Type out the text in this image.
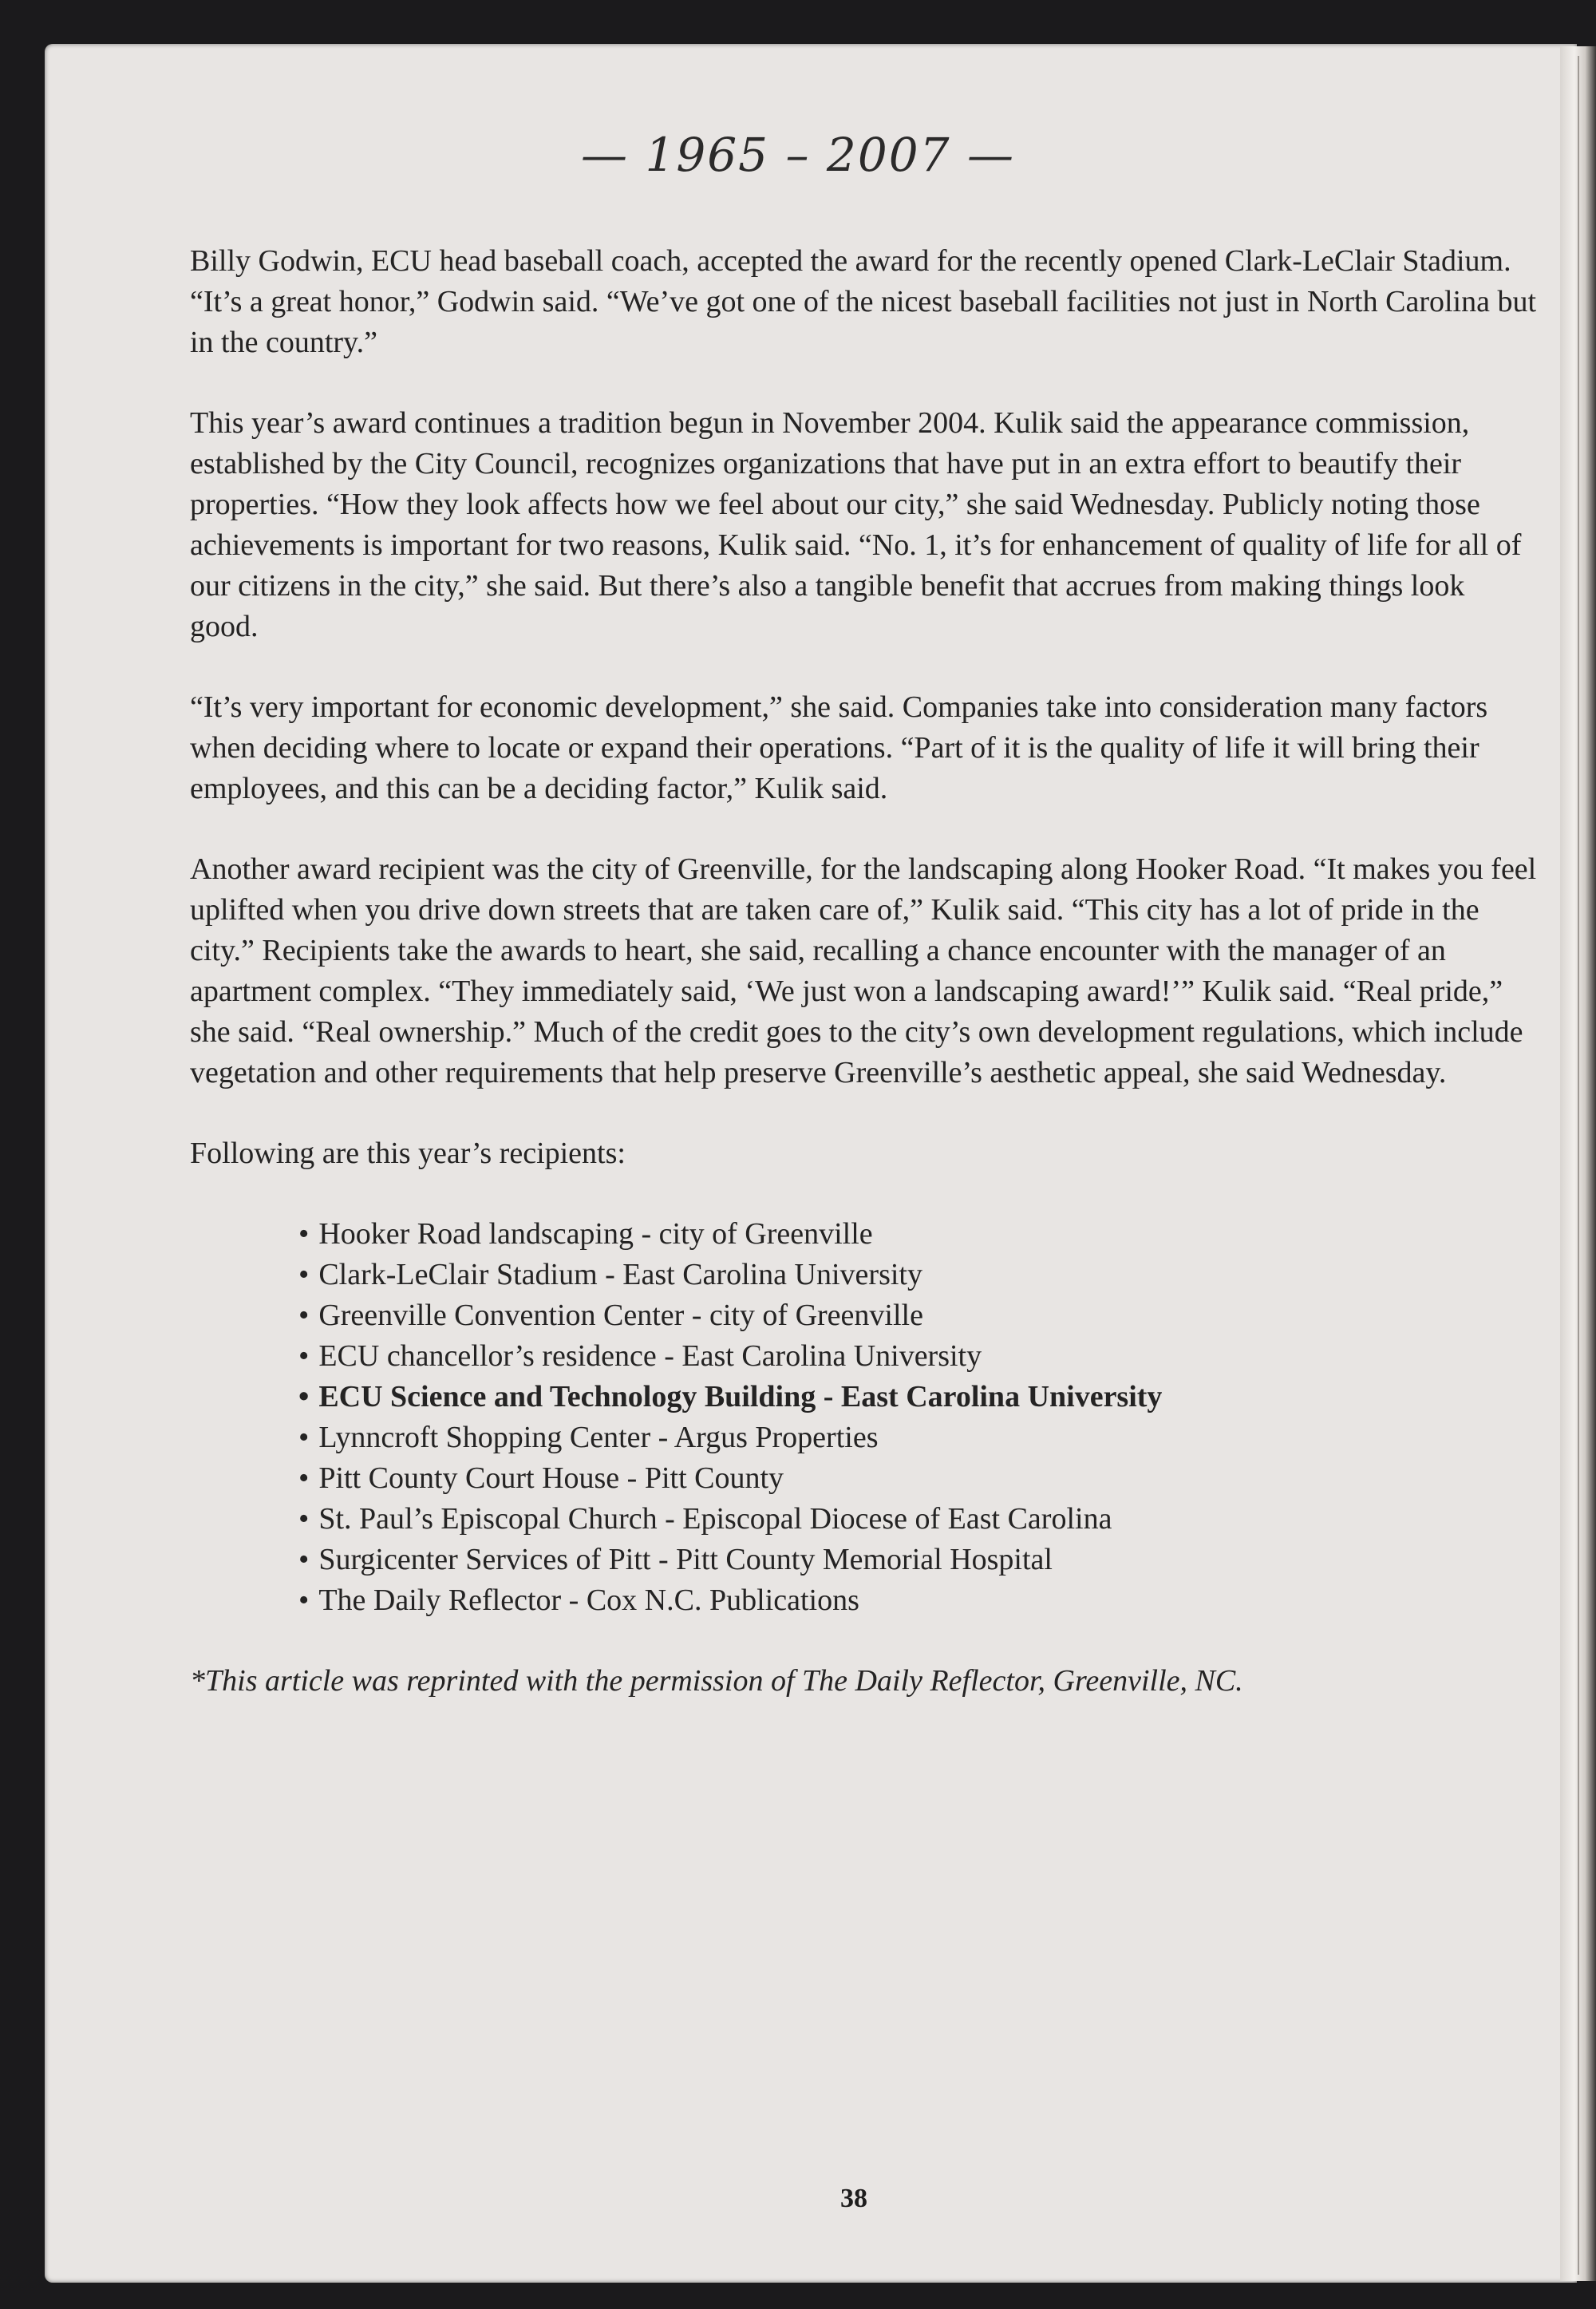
— 1965 – 2007 —

Billy Godwin, ECU head baseball coach, accepted the award for the recently opened Clark-LeClair Stadium. “It’s a great honor,” Godwin said. “We’ve got one of the nicest baseball facilities not just in North Carolina but in the country.”

This year’s award continues a tradition begun in November 2004. Kulik said the appearance commission, established by the City Council, recognizes organizations that have put in an extra effort to beautify their properties. “How they look affects how we feel about our city,” she said Wednesday. Publicly noting those achievements is important for two reasons, Kulik said. “No. 1, it’s for enhancement of quality of life for all of our citizens in the city,” she said. But there’s also a tangible benefit that accrues from making things look good.

“It’s very important for economic development,” she said. Companies take into consideration many factors when deciding where to locate or expand their operations. “Part of it is the quality of life it will bring their employees, and this can be a deciding factor,” Kulik said.

Another award recipient was the city of Greenville, for the landscaping along Hooker Road. “It makes you feel uplifted when you drive down streets that are taken care of,” Kulik said. “This city has a lot of pride in the city.” Recipients take the awards to heart, she said, recalling a chance encounter with the manager of an apartment complex. “They immediately said, ‘We just won a landscaping award!’” Kulik said. “Real pride,” she said. “Real ownership.” Much of the credit goes to the city’s own development regulations, which include vegetation and other requirements that help preserve Greenville’s aesthetic appeal, she said Wednesday.

Following are this year’s recipients:

• Hooker Road landscaping - city of Greenville
• Clark-LeClair Stadium - East Carolina University
• Greenville Convention Center - city of Greenville
• ECU chancellor’s residence - East Carolina University
• ECU Science and Technology Building - East Carolina University
• Lynncroft Shopping Center - Argus Properties
• Pitt County Court House - Pitt County
• St. Paul’s Episcopal Church - Episcopal Diocese of East Carolina
• Surgicenter Services of Pitt - Pitt County Memorial Hospital
• The Daily Reflector - Cox N.C. Publications

*This article was reprinted with the permission of The Daily Reflector, Greenville, NC.

38
